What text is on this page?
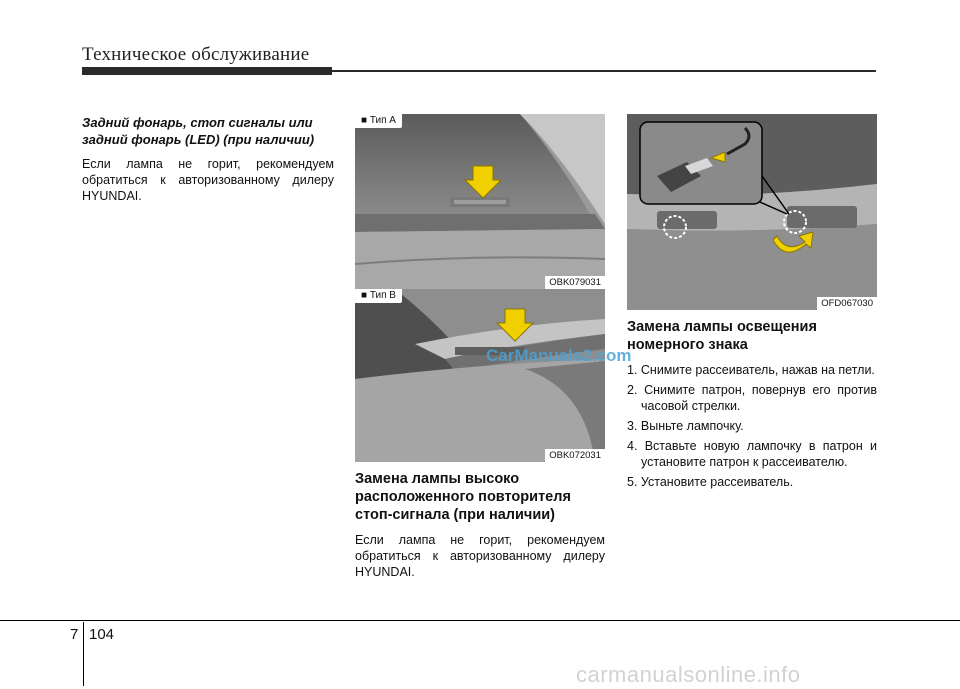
Техническое обслуживание

Задний фонарь, стоп сигналы или задний фонарь (LED) (при наличии)

Если лампа не горит, рекомендуем обратиться к авторизованному дилеру HYUNDAI.

■ Тип A
OBK079031
■ Тип B
OBK072031
CarManuals2.com

Замена лампы высоко расположенного повторителя стоп-сигнала (при наличии)

Если лампа не горит, рекомендуем обратиться к авторизованному дилеру HYUNDAI.

OFD067030

Замена лампы освещения номерного знака

1. Снимите рассеиватель, нажав на петли.
2. Снимите патрон, повернув его против часовой стрелки.
3. Выньте лампочку.
4. Вставьте новую лампочку в патрон и установите патрон к рассеивателю.
5. Установите рассеиватель.
7 104
carmanualsonline.info
